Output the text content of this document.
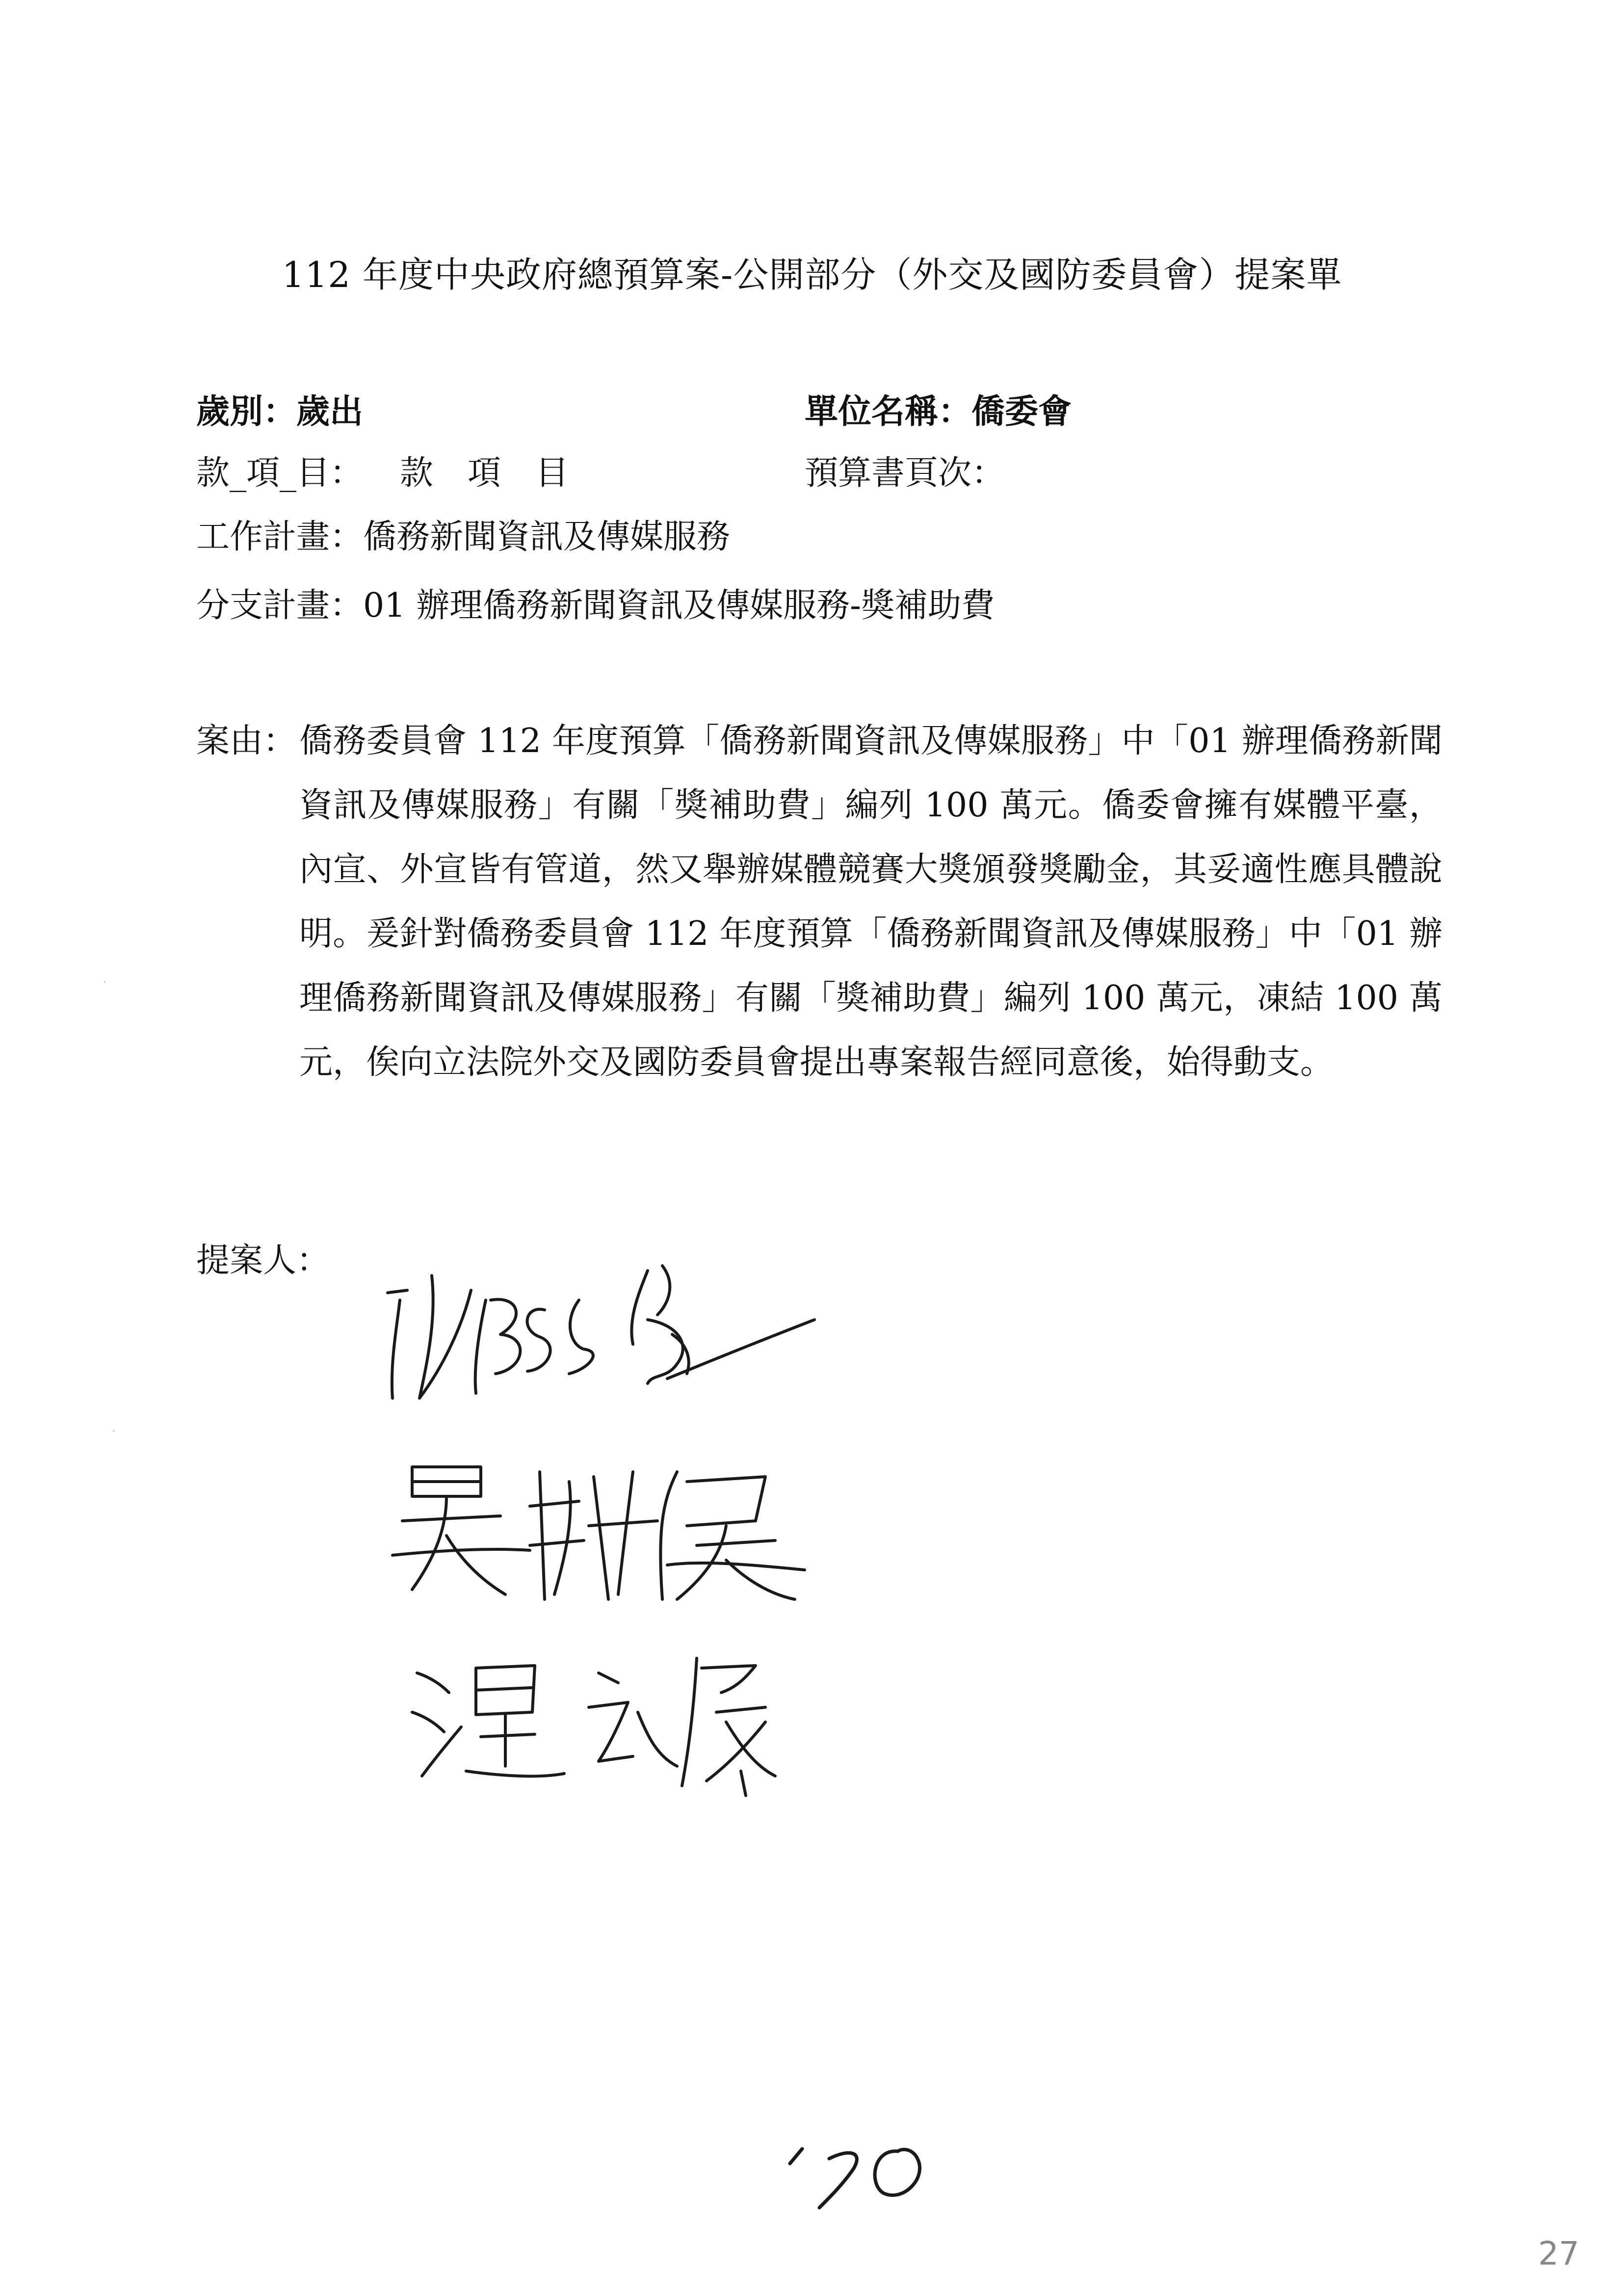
112 年度中央政府總預算案-公開部分（外交及國防委員會）提案單
歲別：歲出	單位名稱：僑委會
款_項_目： 款 項 目	預算書頁次：
工作計畫：僑務新聞資訊及傳媒服務
分支計畫：01 辦理僑務新聞資訊及傳媒服務-獎補助費
案由： 僑務委員會 112 年度預算「僑務新聞資訊及傳媒服務」中「01 辦理僑務新聞資訊及傳媒服務」有關「獎補助費」編列 100 萬元。僑委會擁有媒體平臺，內宣、外宣皆有管道，然又舉辦媒體競賽大獎頒發獎勵金，其妥適性應具體說明。爰針對僑務委員會 112 年度預算「僑務新聞資訊及傳媒服務」中「01 辦理僑務新聞資訊及傳媒服務」有關「獎補助費」編列 100 萬元，凍結 100 萬元，俟向立法院外交及國防委員會提出專案報告經同意後，始得動支。
提案人：
27
